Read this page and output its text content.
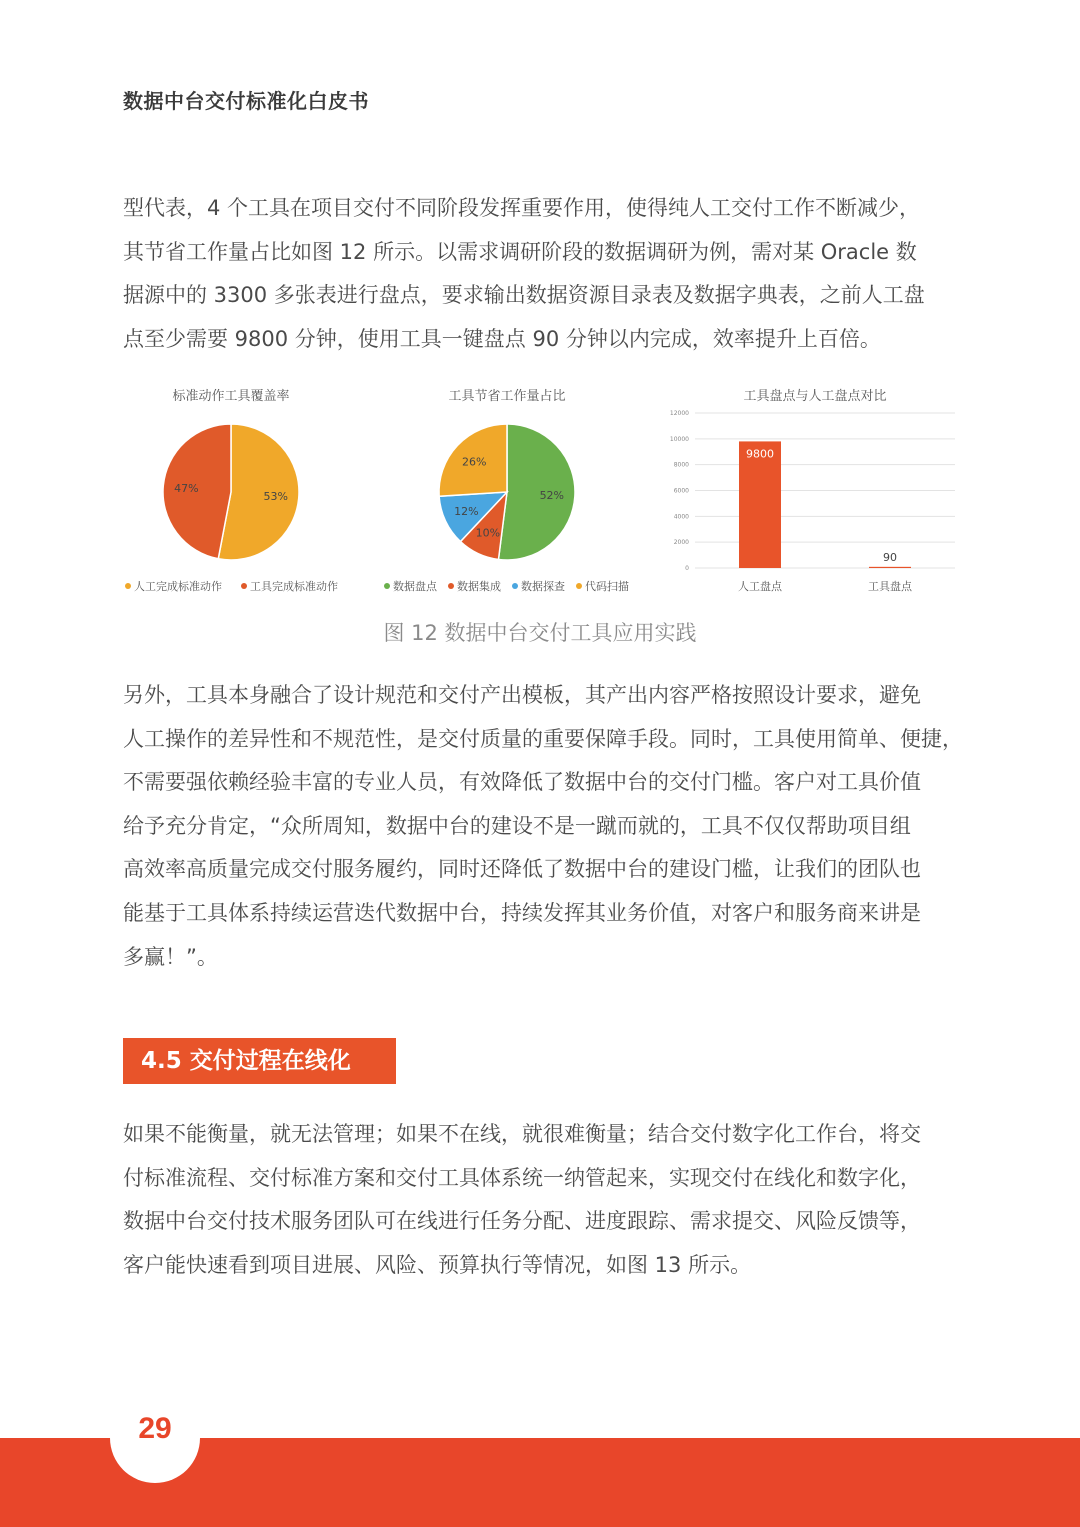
数据中台交付标准化白皮书
型代表，4 个工具在项目交付不同阶段发挥重要作用，使得纯人工交付工作不断减少，
其节省工作量占比如图 12 所示。以需求调研阶段的数据调研为例，需对某 Oracle 数
据源中的 3300 多张表进行盘点，要求输出数据资源目录表及数据字典表，之前人工盘
点至少需要 9800 分钟，使用工具一键盘点 90 分钟以内完成，效率提升上百倍。
标准动作工具覆盖率
53%
47%
人工完成标准动作	工具完成标准动作
工具节省工作量占比
52%
10%
12%
26%
数据盘点 数据集成 数据探查 代码扫描
工具盘点与人工盘点对比
0
2000
4000
6000
8000
10000
12000
9800
人工盘点
90
工具盘点
图 12 数据中台交付工具应用实践
另外，工具本身融合了设计规范和交付产出模板，其产出内容严格按照设计要求，避免
人工操作的差异性和不规范性，是交付质量的重要保障手段。同时，工具使用简单、便捷，
不需要强依赖经验丰富的专业人员，有效降低了数据中台的交付门槛。客户对工具价值
给予充分肯定，“众所周知，数据中台的建设不是一蹴而就的，工具不仅仅帮助项目组
高效率高质量完成交付服务履约，同时还降低了数据中台的建设门槛，让我们的团队也
能基于工具体系持续运营迭代数据中台，持续发挥其业务价值，对客户和服务商来讲是
多赢！”。
4.5 交付过程在线化
如果不能衡量，就无法管理；如果不在线，就很难衡量；结合交付数字化工作台，将交
付标准流程、交付标准方案和交付工具体系统一纳管起来，实现交付在线化和数字化，
数据中台交付技术服务团队可在线进行任务分配、进度跟踪、需求提交、风险反馈等，
客户能快速看到项目进展、风险、预算执行等情况，如图 13 所示。
29
